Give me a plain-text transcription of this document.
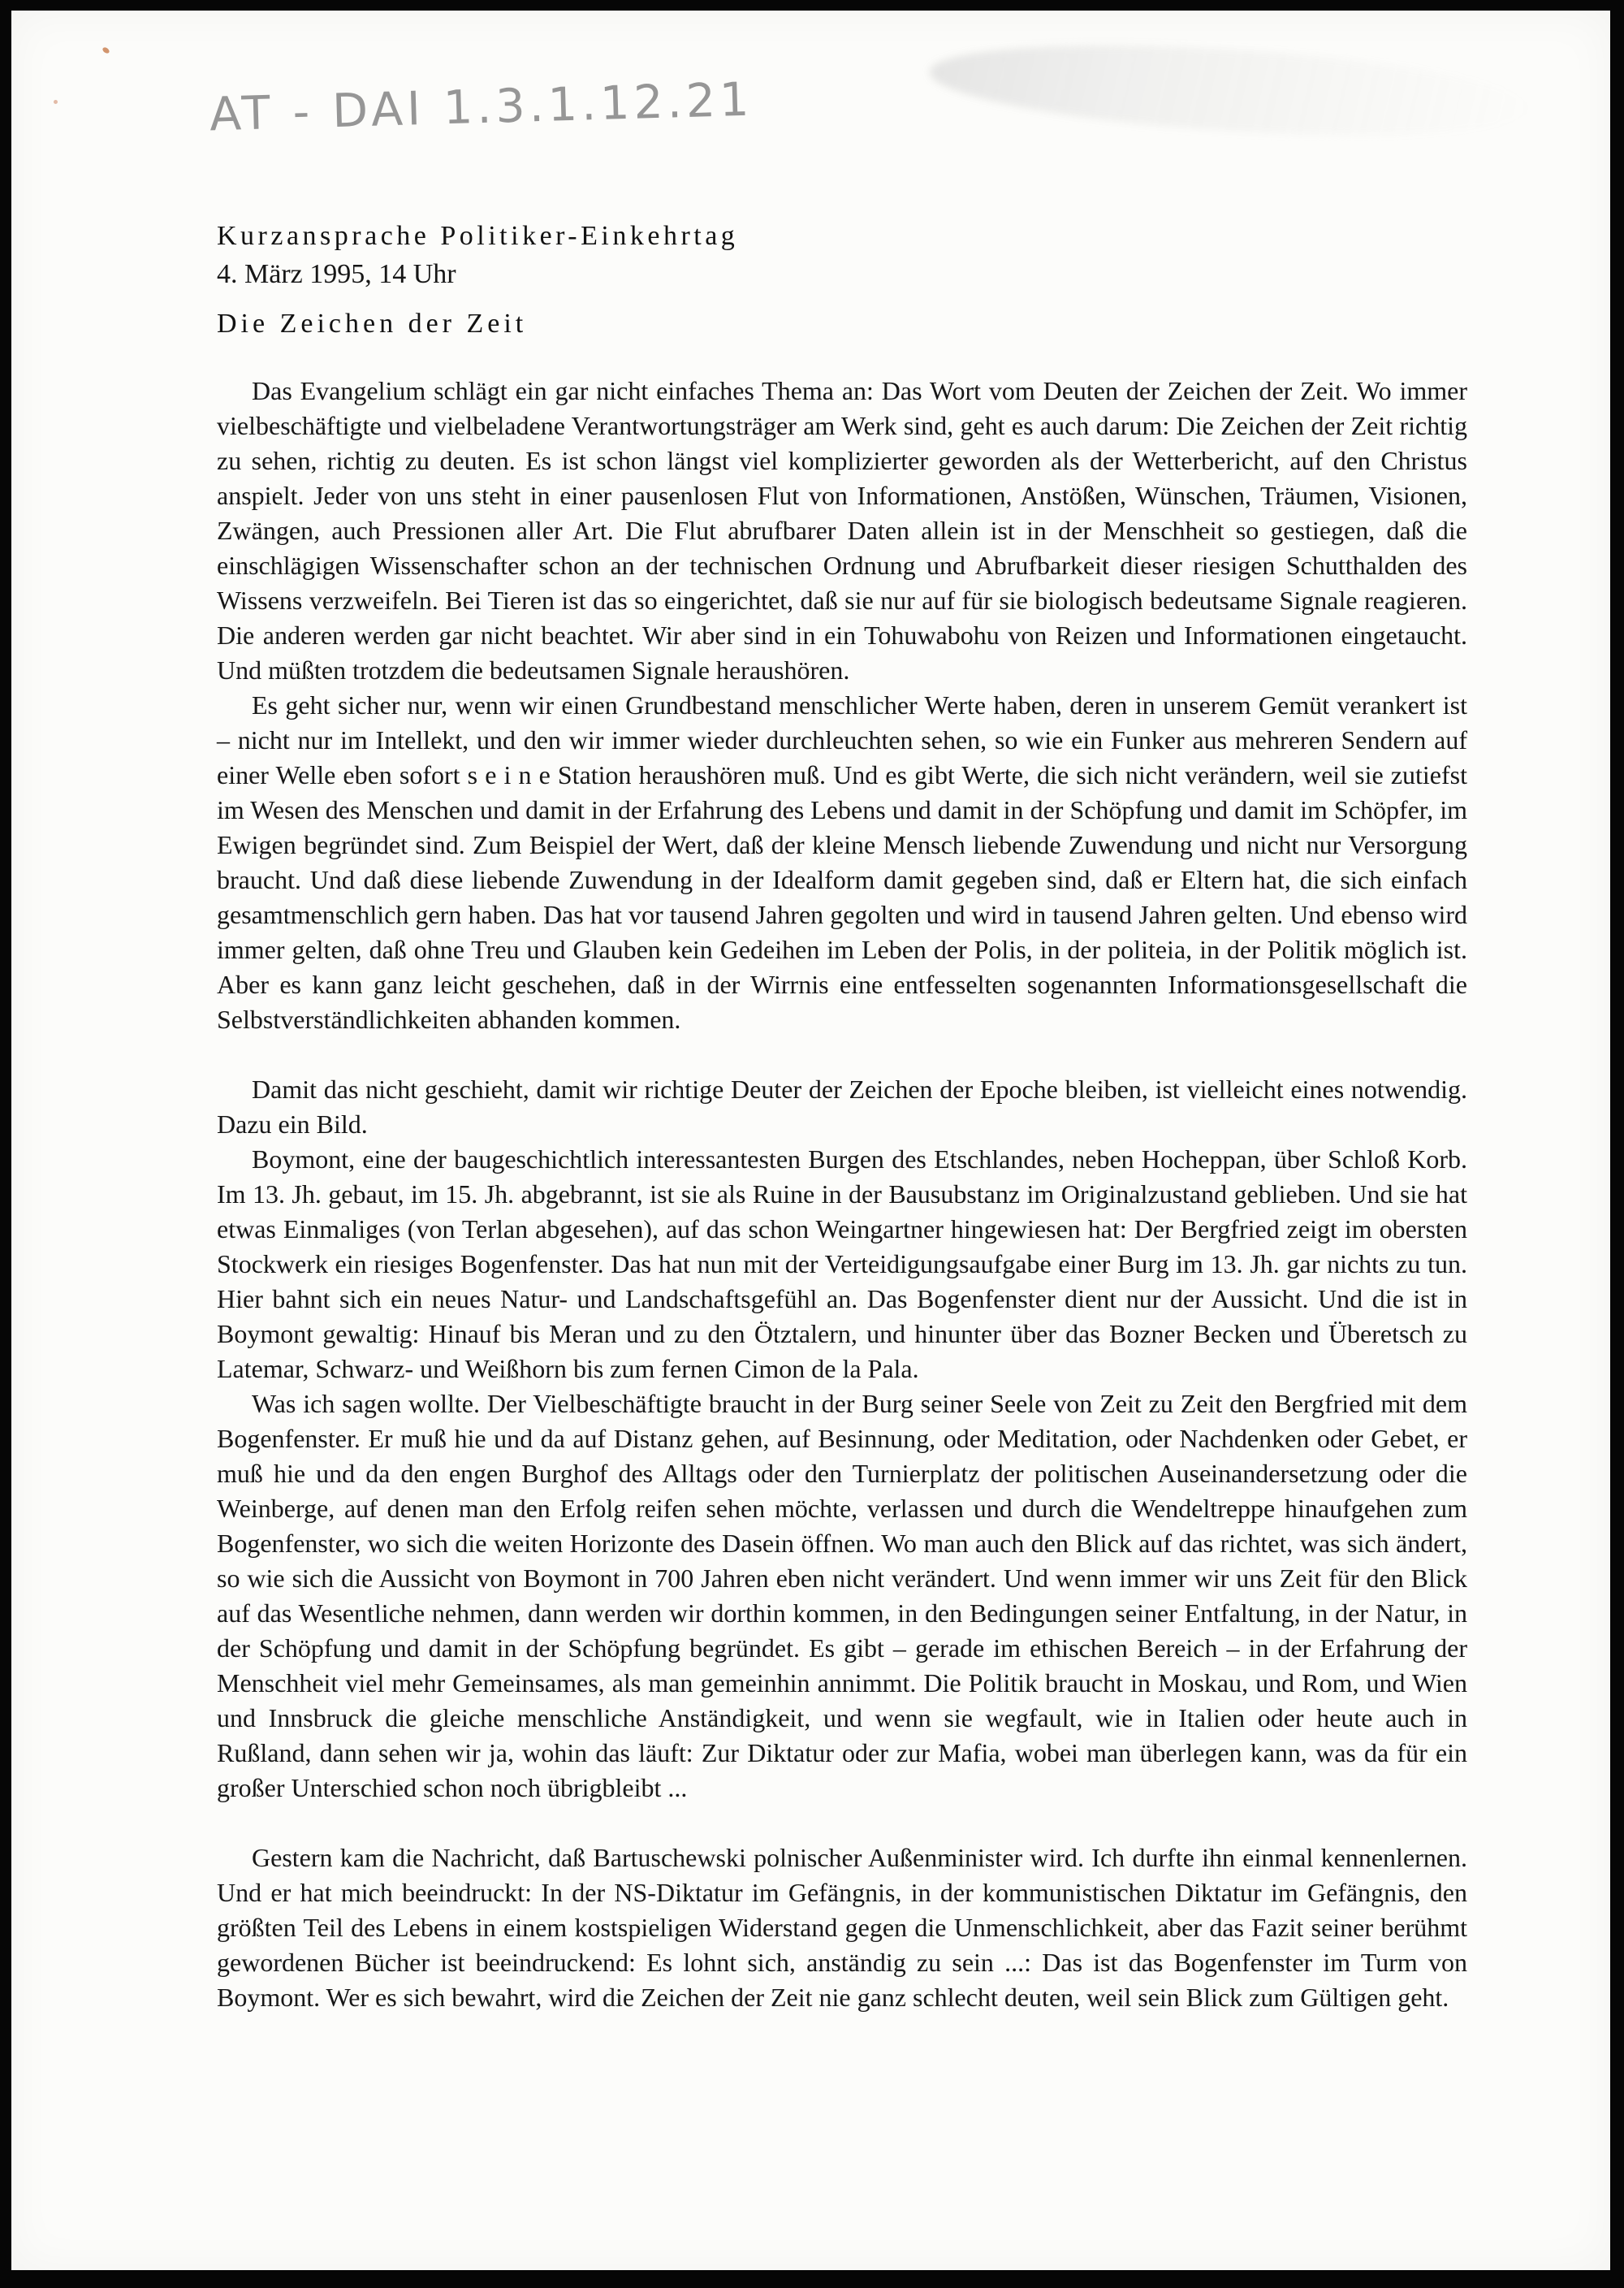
AT - DAI 1.3.1.12.21
Kurzansprache Politiker-Einkehrtag
4. März 1995, 14 Uhr
Die Zeichen der Zeit

Das Evangelium schlägt ein gar nicht einfaches Thema an: Das Wort vom Deuten der Zeichen der Zeit. Wo immer vielbeschäftigte und vielbeladene Verantwortungsträger am Werk sind, geht es auch darum: Die Zeichen der Zeit richtig zu sehen, richtig zu deuten. Es ist schon längst viel komplizierter geworden als der Wetterbericht, auf den Christus anspielt. Jeder von uns steht in einer pausenlosen Flut von Informationen, Anstößen, Wünschen, Träumen, Visionen, Zwängen, auch Pressionen aller Art. Die Flut abrufbarer Daten allein ist in der Menschheit so gestiegen, daß die einschlägigen Wissenschafter schon an der technischen Ordnung und Abrufbarkeit dieser riesigen Schutthalden des Wissens verzweifeln. Bei Tieren ist das so eingerichtet, daß sie nur auf für sie biologisch bedeutsame Signale reagieren. Die anderen werden gar nicht beachtet. Wir aber sind in ein Tohuwabohu von Reizen und Informationen eingetaucht. Und müßten trotzdem die bedeutsamen Signale heraushören.

Es geht sicher nur, wenn wir einen Grundbestand menschlicher Werte haben, deren in unserem Gemüt verankert ist – nicht nur im Intellekt, und den wir immer wieder durchleuchten sehen, so wie ein Funker aus mehreren Sendern auf einer Welle eben sofort s e i n e Station heraushören muß. Und es gibt Werte, die sich nicht verändern, weil sie zutiefst im Wesen des Menschen und damit in der Erfahrung des Lebens und damit in der Schöpfung und damit im Schöpfer, im Ewigen begründet sind. Zum Beispiel der Wert, daß der kleine Mensch liebende Zuwendung und nicht nur Versorgung braucht. Und daß diese liebende Zuwendung in der Idealform damit gegeben sind, daß er Eltern hat, die sich einfach gesamtmenschlich gern haben. Das hat vor tausend Jahren gegolten und wird in tausend Jahren gelten. Und ebenso wird immer gelten, daß ohne Treu und Glauben kein Gedeihen im Leben der Polis, in der politeia, in der Politik möglich ist. Aber es kann ganz leicht geschehen, daß in der Wirrnis eine entfesselten sogenannten Informationsgesellschaft die Selbstverständlichkeiten abhanden kommen.

Damit das nicht geschieht, damit wir richtige Deuter der Zeichen der Epoche bleiben, ist vielleicht eines notwendig. Dazu ein Bild.

Boymont, eine der baugeschichtlich interessantesten Burgen des Etschlandes, neben Hocheppan, über Schloß Korb. Im 13. Jh. gebaut, im 15. Jh. abgebrannt, ist sie als Ruine in der Bausubstanz im Originalzustand geblieben. Und sie hat etwas Einmaliges (von Terlan abgesehen), auf das schon Weingartner hingewiesen hat: Der Bergfried zeigt im obersten Stockwerk ein riesiges Bogenfenster. Das hat nun mit der Verteidigungsaufgabe einer Burg im 13. Jh. gar nichts zu tun. Hier bahnt sich ein neues Natur- und Landschaftsgefühl an. Das Bogenfenster dient nur der Aussicht. Und die ist in Boymont gewaltig: Hinauf bis Meran und zu den Ötztalern, und hinunter über das Bozner Becken und Überetsch zu Latemar, Schwarz- und Weißhorn bis zum fernen Cimon de la Pala.

Was ich sagen wollte. Der Vielbeschäftigte braucht in der Burg seiner Seele von Zeit zu Zeit den Bergfried mit dem Bogenfenster. Er muß hie und da auf Distanz gehen, auf Besinnung, oder Meditation, oder Nachdenken oder Gebet, er muß hie und da den engen Burghof des Alltags oder den Turnierplatz der politischen Auseinandersetzung oder die Weinberge, auf denen man den Erfolg reifen sehen möchte, verlassen und durch die Wendeltreppe hinaufgehen zum Bogenfenster, wo sich die weiten Horizonte des Dasein öffnen. Wo man auch den Blick auf das richtet, was sich ändert, so wie sich die Aussicht von Boymont in 700 Jahren eben nicht verändert. Und wenn immer wir uns Zeit für den Blick auf das Wesentliche nehmen, dann werden wir dorthin kommen, in den Bedingungen seiner Entfaltung, in der Natur, in der Schöpfung und damit in der Schöpfung begründet. Es gibt – gerade im ethischen Bereich – in der Erfahrung der Menschheit viel mehr Gemeinsames, als man gemeinhin annimmt. Die Politik braucht in Moskau, und Rom, und Wien und Innsbruck die gleiche menschliche Anständigkeit, und wenn sie wegfault, wie in Italien oder heute auch in Rußland, dann sehen wir ja, wohin das läuft: Zur Diktatur oder zur Mafia, wobei man überlegen kann, was da für ein großer Unterschied schon noch übrigbleibt ...

Gestern kam die Nachricht, daß Bartuschewski polnischer Außenminister wird. Ich durfte ihn einmal kennenlernen. Und er hat mich beeindruckt: In der NS-Diktatur im Gefängnis, in der kommunistischen Diktatur im Gefängnis, den größten Teil des Lebens in einem kostspieligen Widerstand gegen die Unmenschlichkeit, aber das Fazit seiner berühmt gewordenen Bücher ist beeindruckend: Es lohnt sich, anständig zu sein ...: Das ist das Bogenfenster im Turm von Boymont. Wer es sich bewahrt, wird die Zeichen der Zeit nie ganz schlecht deuten, weil sein Blick zum Gültigen geht.
